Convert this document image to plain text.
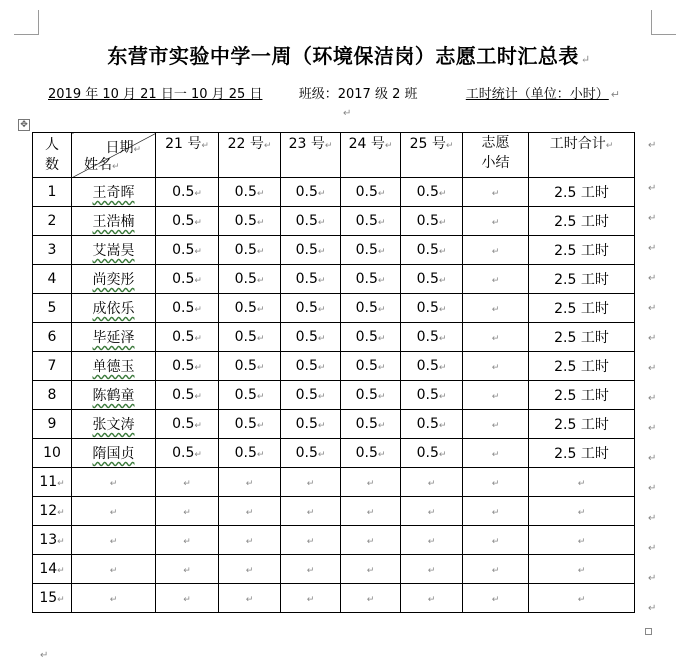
东营市实验中学一周（环境保洁岗）志愿工时汇总表 ↵
2019 年 10 月 21 日一 10 月 25 日	班级：2017 级 2 班	工时统计（单位：小时） ↵
↵
✥
人数	日期↵
姓名↵	21 号↵	22 号↵	23 号↵	24 号↵	25 号↵	志愿小结	工时合计↵
1	王奇晖	0.5↵	0.5↵	0.5↵	0.5↵	0.5↵	↵	2.5 工时
2	王浩楠	0.5↵	0.5↵	0.5↵	0.5↵	0.5↵	↵	2.5 工时
3	艾嵩昊	0.5↵	0.5↵	0.5↵	0.5↵	0.5↵	↵	2.5 工时
4	尚奕彤	0.5↵	0.5↵	0.5↵	0.5↵	0.5↵	↵	2.5 工时
5	成依乐	0.5↵	0.5↵	0.5↵	0.5↵	0.5↵	↵	2.5 工时
6	毕延泽	0.5↵	0.5↵	0.5↵	0.5↵	0.5↵	↵	2.5 工时
7	单德玉	0.5↵	0.5↵	0.5↵	0.5↵	0.5↵	↵	2.5 工时
8	陈鹤童	0.5↵	0.5↵	0.5↵	0.5↵	0.5↵	↵	2.5 工时
9	张文涛	0.5↵	0.5↵	0.5↵	0.5↵	0.5↵	↵	2.5 工时
10	隋国贞	0.5↵	0.5↵	0.5↵	0.5↵	0.5↵	↵	2.5 工时
11↵	↵	↵	↵	↵	↵	↵	↵	↵
12↵	↵	↵	↵	↵	↵	↵	↵	↵
13↵	↵	↵	↵	↵	↵	↵	↵	↵
14↵	↵	↵	↵	↵	↵	↵	↵	↵
15↵	↵	↵	↵	↵	↵	↵	↵	↵
↵
↵
↵
↵
↵
↵
↵
↵
↵
↵
↵
↵
↵
↵
↵
↵
↵
